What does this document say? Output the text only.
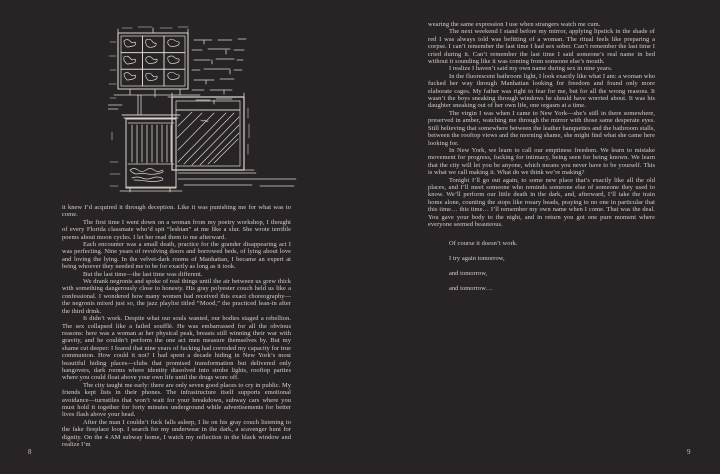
it knew I’d acquired it through deception. Like it was punishing me for what was to come.

The first time I went down on a woman from my poetry workshop, I thought of every Florida classmate who’d spit “lesbian” at me like a slur. She wrote terrible poems about moon cycles. I let her read them to me afterward.

Each encounter was a small death, practice for the grander disappearing act I was perfecting. Nine years of revolving doors and borrowed beds, of lying about love and loving the lying. In the velvet-dark rooms of Manhattan, I became an expert at being whoever they needed me to be for exactly as long as it took.

But the last time—the last time was different.

We drank negronis and spoke of real things until the air between us grew thick with something dangerously close to honesty. His gray polyester couch held us like a confessional. I wondered how many women had received this exact choreography—the negronis mixed just so, the jazz playlist titled “Mood,” the practiced lean-in after the third drink.

It didn’t work. Despite what our souls wanted, our bodies staged a rebellion. The sex collapsed like a failed soufflé. He was embarrassed for all the obvious reasons: here was a woman at her physical peak, breasts still winning their war with gravity, and he couldn’t perform the one act men measure themselves by. But my shame cut deeper: I feared that nine years of fucking had corroded my capacity for true communion. How could it not? I had spent a decade hiding in New York’s most beautiful hiding places—clubs that promised transformation but delivered only hangovers, dark rooms where identity dissolved into strobe lights, rooftop parties where you could float above your own life until the drugs wore off.

The city taught me early: there are only seven good places to cry in public. My friends kept lists in their phones. The infrastructure itself supports emotional avoidance—turnstiles that won’t wait for your breakdown, subway cars where you must hold it together for forty minutes underground while advertisements for better lives flash above your head.

After the man I couldn’t fuck falls asleep, I lie on his gray couch listening to the fake fireplace loop. I search for my underwear in the dark, a scavenger hunt for dignity. On the 4 AM subway home, I watch my reflection in the black window and realize I’m

8

wearing the same expression I use when strangers watch me cum.

The next weekend I stand before my mirror, applying lipstick in the shade of red I was always told was befitting of a woman. The ritual feels like preparing a corpse. I can’t remember the last time I had sex sober. Can’t remember the last time I cried during it. Can’t remember the last time I said someone’s real name in bed without it sounding like it was coming from someone else’s mouth.

I realize I haven’t said my own name during sex in nine years.

In the fluorescent bathroom light, I look exactly like what I am: a woman who fucked her way through Manhattan looking for freedom and found only more elaborate cages. My father was right to fear for me, but for all the wrong reasons. It wasn’t the boys sneaking through windows he should have worried about. It was his daughter sneaking out of her own life, one orgasm at a time.

The virgin I was when I came to New York—she’s still in there somewhere, preserved in amber, watching me through the mirror with those same desperate eyes. Still believing that somewhere between the leather banquettes and the bathroom stalls, between the rooftop views and the morning shame, she might find what she came here looking for.

In New York, we learn to call our emptiness freedom. We learn to mistake movement for progress, fucking for intimacy, being seen for being known. We learn that the city will let you be anyone, which means you never have to be yourself. This is what we call making it. What do we think we’re making?

Tonight I’ll go out again, to some new place that’s exactly like all the old places, and I’ll meet someone who reminds someone else of someone they used to know. We’ll perform our little death in the dark, and, afterward, I’ll take the train home alone, counting the stops like rosary beads, praying to no one in particular that this time… this time… I’ll remember my own name when I come. That was the deal. You gave your body to the night, and in return you got one pure moment where everyone seemed beauteous.

Of course it doesn’t work.

I try again tomorrow,

and tomorrow,

and tomorrow…

9
